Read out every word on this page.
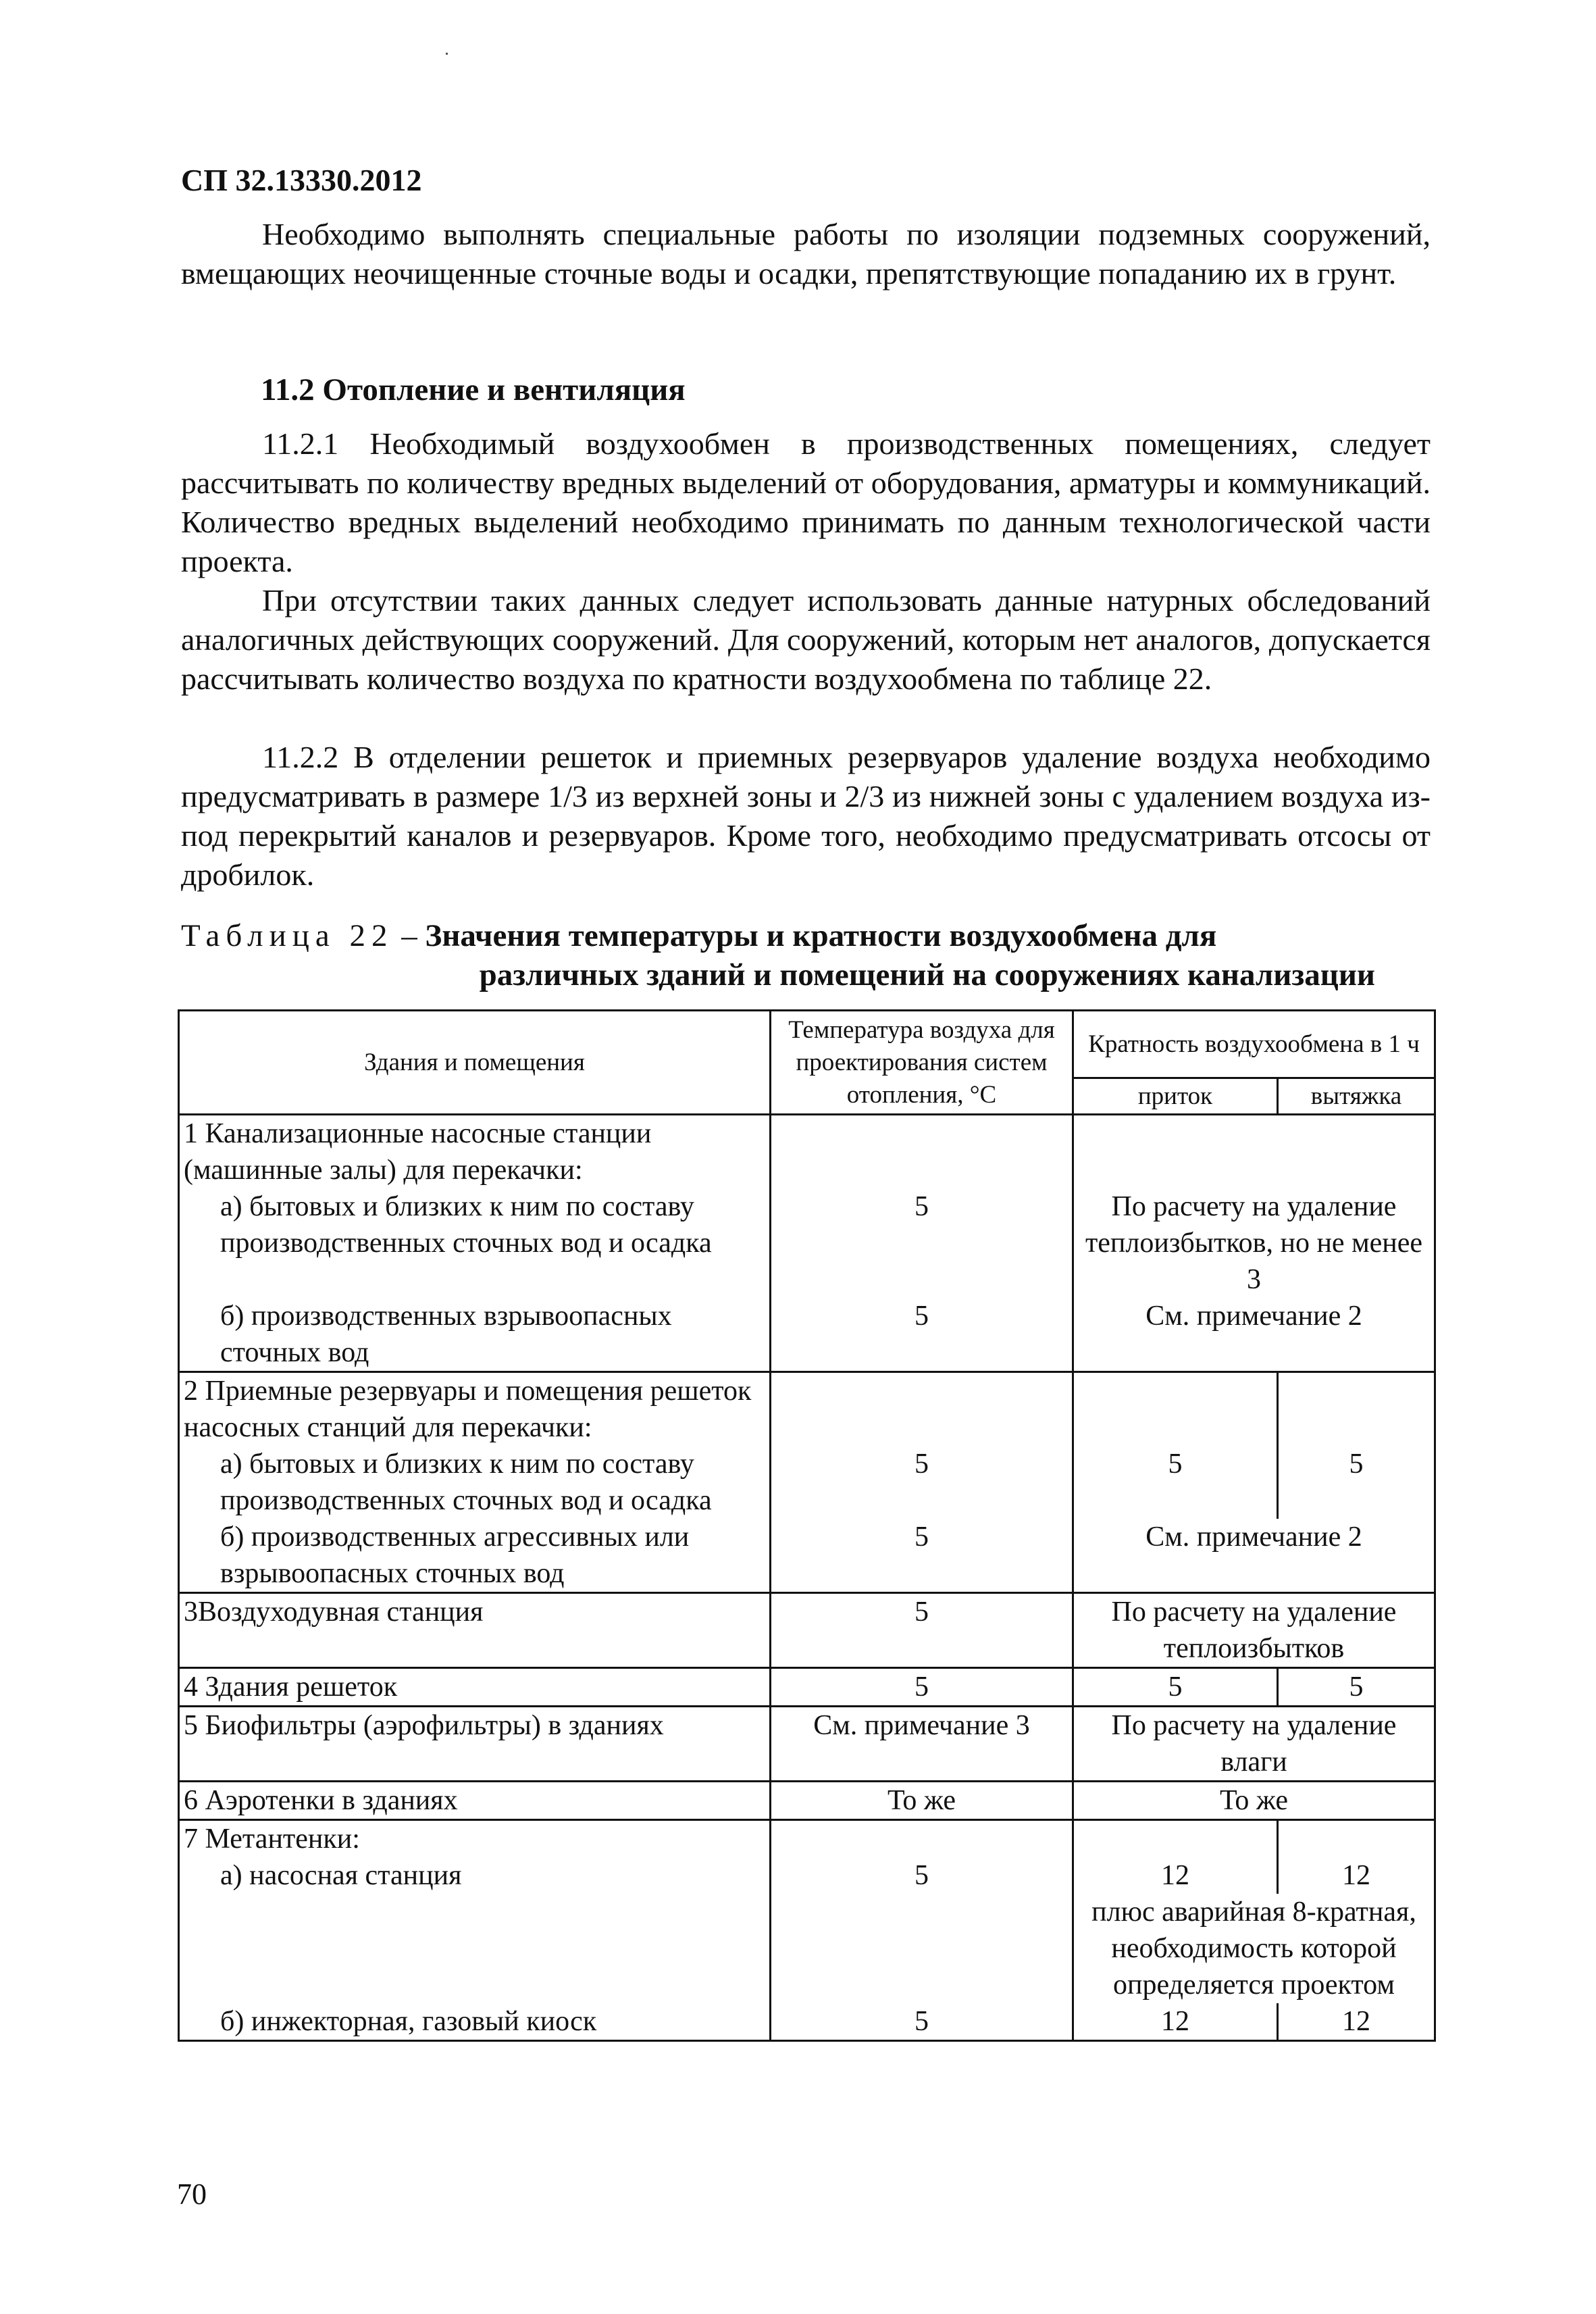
СП 32.13330.2012
Необходимо выполнять специальные работы по изоляции подземных сооружений, вмещающих неочищенные сточные воды и осадки, препятствующие попаданию их в грунт.
11.2 Отопление и вентиляция
11.2.1 Необходимый воздухообмен в производственных помещениях, следует рассчитывать по количеству вредных выделений от оборудования, арматуры и коммуникаций. Количество вредных выделений необходимо принимать по данным технологической части проекта.
При отсутствии таких данных следует использовать данные натурных обследований аналогичных действующих сооружений. Для сооружений, которым нет аналогов, допускается рассчитывать количество воздуха по кратности воздухообмена по таблице 22.
11.2.2 В отделении решеток и приемных резервуаров удаление воздуха необходимо предусматривать в размере 1/3 из верхней зоны и 2/3 из нижней зоны с удалением воздуха из-под перекрытий каналов и резервуаров. Кроме того, необходимо предусматривать отсосы от дробилок.
Таблица 22 – Значения температуры и кратности воздухообмена для
различных зданий и помещений на сооружениях канализации
Здания и помещения	Температура воздуха для проектирования систем отопления, °С	Кратность воздухообмена в 1 ч	
		приток	вытяжка
1 Канализационные насосные станции (машинные залы) для перекачки:			
а) бытовых и близких к ним по составу производственных сточных вод и осадка	5	По расчету на удаление теплоизбытков, но не менее 3	
б) производственных взрывоопасных сточных вод	5	См. примечание 2	
2 Приемные резервуары и помещения решеток насосных станций для перекачки:			
а) бытовых и близких к ним по составу производственных сточных вод и осадка	5	5	5
б) производственных агрессивных или взрывоопасных сточных вод	5	См. примечание 2	
3Воздуходувная станция	5	По расчету на удаление теплоизбытков	
4 Здания решеток	5	5	5
5 Биофильтры (аэрофильтры) в зданиях	См. примечание 3	По расчету на удаление влаги	
6 Аэротенки в зданиях	То же	То же	
7 Метантенки:			
а) насосная станция	5	12	12
		плюс аварийная 8-кратная, необходимость которой определяется проектом	
б) инжекторная, газовый киоск	5	12	12
70
